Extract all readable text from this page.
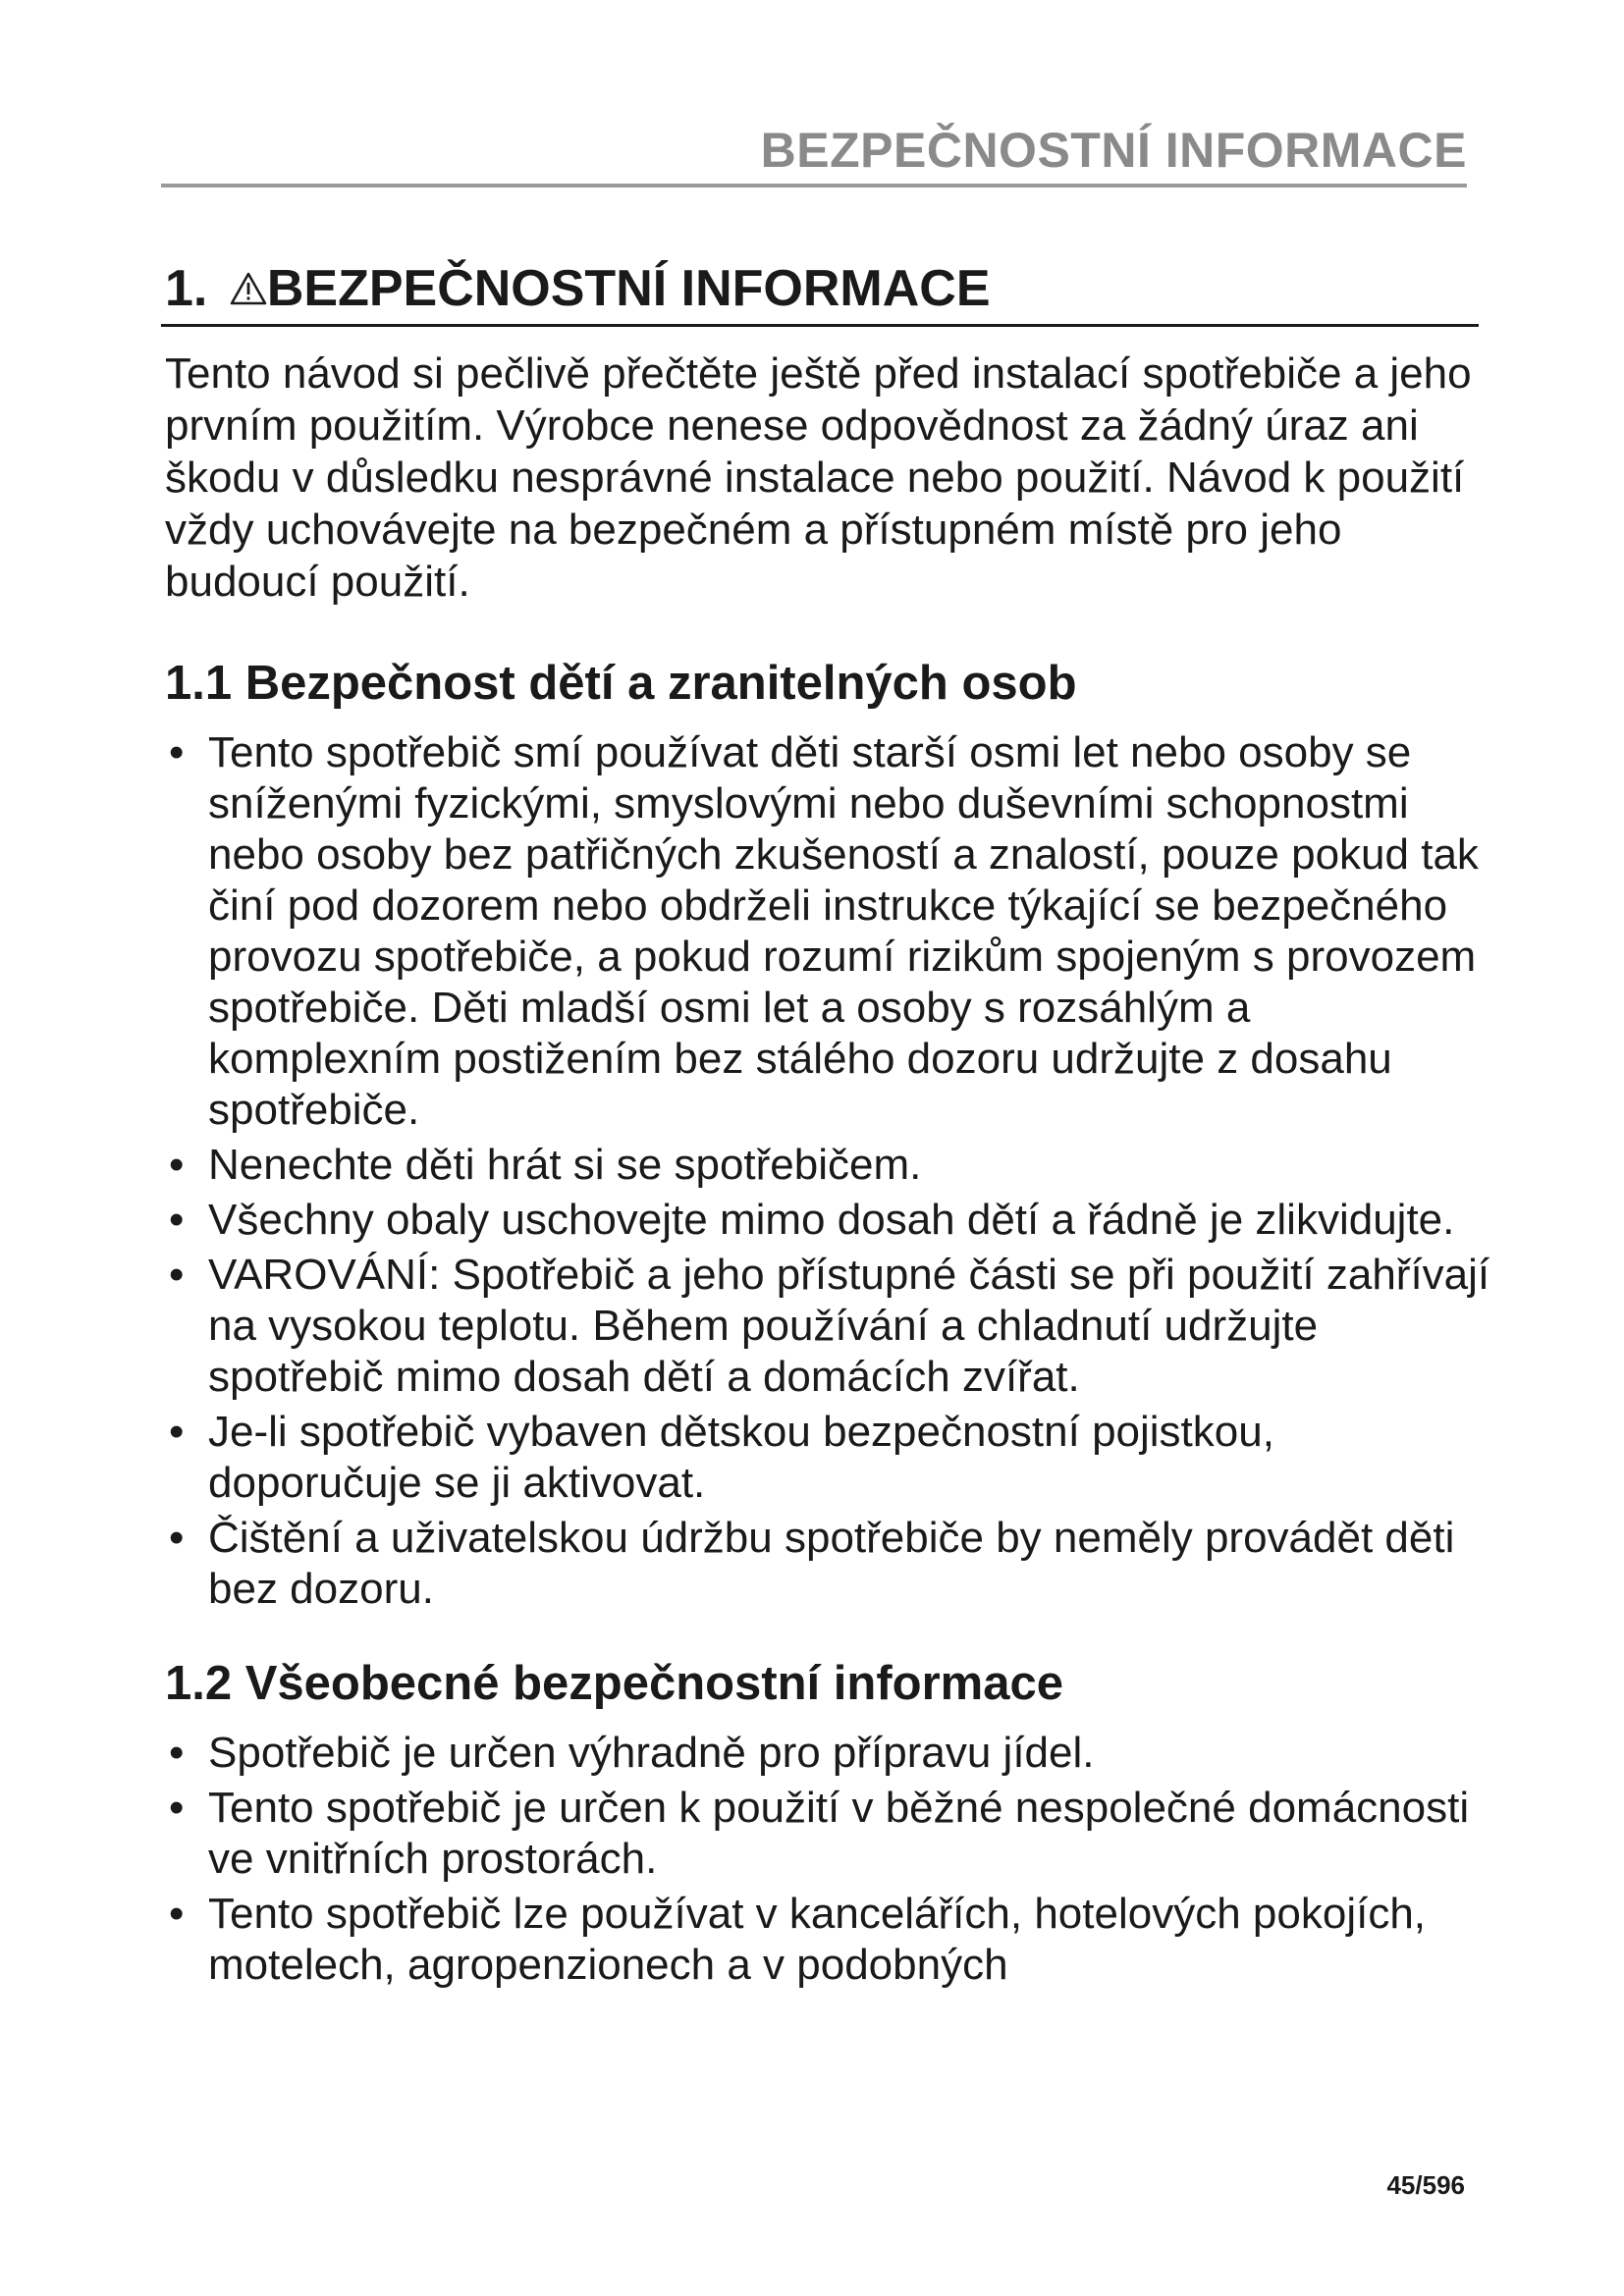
BEZPEČNOSTNÍ INFORMACE
1. BEZPEČNOSTNÍ INFORMACE

Tento návod si pečlivě přečtěte ještě před instalací spotřebiče a jeho prvním použitím. Výrobce nenese odpovědnost za žádný úraz ani škodu v důsledku nesprávné instalace nebo použití. Návod k použití vždy uchovávejte na bezpečném a přístupném místě pro jeho budoucí použití.

1.1 Bezpečnost dětí a zranitelných osob
• Tento spotřebič smí používat děti starší osmi let nebo osoby se sníženými fyzickými, smyslovými nebo duševními schopnostmi nebo osoby bez patřičných zkušeností a znalostí, pouze pokud tak činí pod dozorem nebo obdrželi instrukce týkající se bezpečného provozu spotřebiče, a pokud rozumí rizikům spojeným s provozem spotřebiče. Děti mladší osmi let a osoby s rozsáhlým a komplexním postižením bez stálého dozoru udržujte z dosahu spotřebiče.
• Nenechte děti hrát si se spotřebičem.
• Všechny obaly uschovejte mimo dosah dětí a řádně je zlikvidujte.
• VAROVÁNÍ: Spotřebič a jeho přístupné části se při použití zahřívají na vysokou teplotu. Během používání a chladnutí udržujte spotřebič mimo dosah dětí a domácích zvířat.
• Je-li spotřebič vybaven dětskou bezpečnostní pojistkou, doporučuje se ji aktivovat.
• Čištění a uživatelskou údržbu spotřebiče by neměly provádět děti bez dozoru.
1.2 Všeobecné bezpečnostní informace
• Spotřebič je určen výhradně pro přípravu jídel.
• Tento spotřebič je určen k použití v běžné nespolečné domácnosti ve vnitřních prostorách.
• Tento spotřebič lze používat v kancelářích, hotelových pokojích, motelech, agropenzionech a v podobných
45/596
